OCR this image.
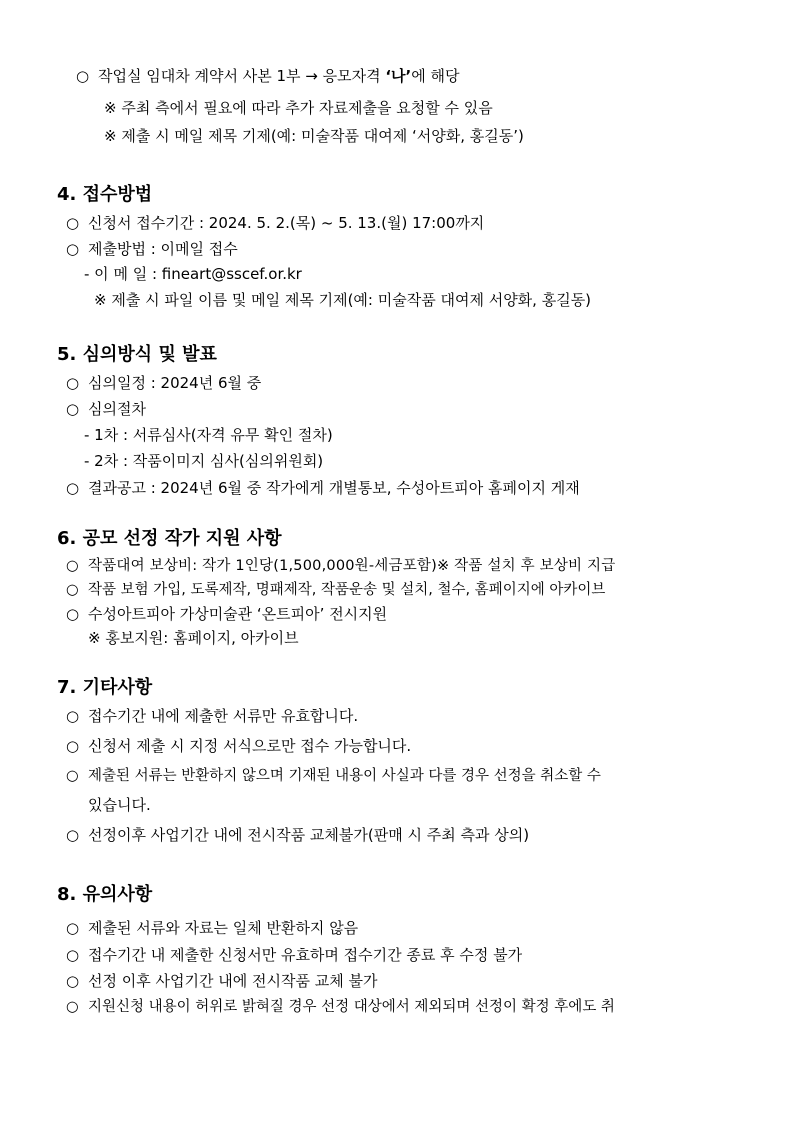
○ 작업실 임대차 계약서 사본 1부 → 응모자격 ‘나’에 해당
※ 주최 측에서 필요에 따라 추가 자료제출을 요청할 수 있음
※ 제출 시 메일 제목 기제(예: 미술작품 대여제 ‘서양화, 홍길동’)
4. 접수방법
○ 신청서 접수기간 : 2024. 5. 2.(목) ~ 5. 13.(월) 17:00까지
○ 제출방법 : 이메일 접수
- 이 메 일 : fineart@sscef.or.kr
※ 제출 시 파일 이름 및 메일 제목 기제(예: 미술작품 대여제 서양화, 홍길동)
5. 심의방식 및 발표
○ 심의일정 : 2024년 6월 중
○ 심의절차
- 1차 : 서류심사(자격 유무 확인 절차)
- 2차 : 작품이미지 심사(심의위원회)
○ 결과공고 : 2024년 6월 중 작가에게 개별통보, 수성아트피아 홈페이지 게재
6. 공모 선정 작가 지원 사항
○ 작품대여 보상비: 작가 1인당(1,500,000원-세금포함)※ 작품 설치 후 보상비 지급
○ 작품 보험 가입, 도록제작, 명패제작, 작품운송 및 설치, 철수, 홈페이지에 아카이브
○ 수성아트피아 가상미술관 ‘온트피아’ 전시지원
※ 홍보지원: 홈페이지, 아카이브
7. 기타사항
○ 접수기간 내에 제출한 서류만 유효합니다.
○ 신청서 제출 시 지정 서식으로만 접수 가능합니다.
○ 제출된 서류는 반환하지 않으며 기재된 내용이 사실과 다를 경우 선정을 취소할 수
있습니다.
○ 선정이후 사업기간 내에 전시작품 교체불가(판매 시 주최 측과 상의)
8. 유의사항
○ 제출된 서류와 자료는 일체 반환하지 않음
○ 접수기간 내 제출한 신청서만 유효하며 접수기간 종료 후 수정 불가
○ 선정 이후 사업기간 내에 전시작품 교체 불가
○ 지원신청 내용이 허위로 밝혀질 경우 선정 대상에서 제외되며 선정이 확정 후에도 취
